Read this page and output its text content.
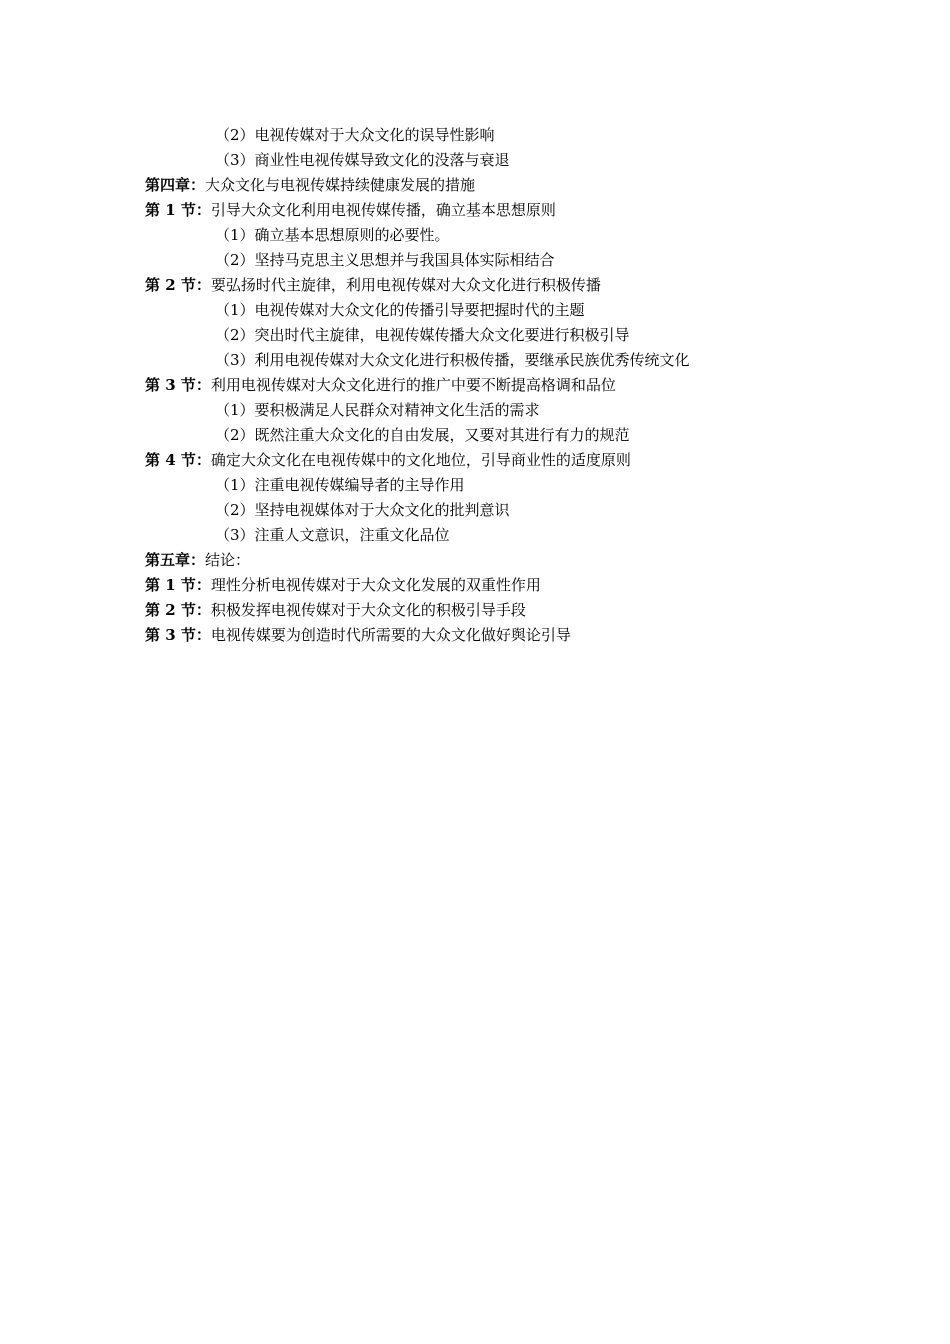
（2）电视传媒对于大众文化的误导性影响
（3）商业性电视传媒导致文化的没落与衰退
第四章：大众文化与电视传媒持续健康发展的措施
第 1 节：引导大众文化利用电视传媒传播，确立基本思想原则
（1）确立基本思想原则的必要性。
（2）坚持马克思主义思想并与我国具体实际相结合
第 2 节：要弘扬时代主旋律，利用电视传媒对大众文化进行积极传播
（1）电视传媒对大众文化的传播引导要把握时代的主题
（2）突出时代主旋律，电视传媒传播大众文化要进行积极引导
（3）利用电视传媒对大众文化进行积极传播，要继承民族优秀传统文化
第 3 节：利用电视传媒对大众文化进行的推广中要不断提高格调和品位
（1）要积极满足人民群众对精神文化生活的需求
（2）既然注重大众文化的自由发展，又要对其进行有力的规范
第 4 节：确定大众文化在电视传媒中的文化地位，引导商业性的适度原则
（1）注重电视传媒编导者的主导作用
（2）坚持电视媒体对于大众文化的批判意识
（3）注重人文意识，注重文化品位
第五章：结论：
第 1 节：理性分析电视传媒对于大众文化发展的双重性作用
第 2 节：积极发挥电视传媒对于大众文化的积极引导手段
第 3 节：电视传媒要为创造时代所需要的大众文化做好舆论引导
